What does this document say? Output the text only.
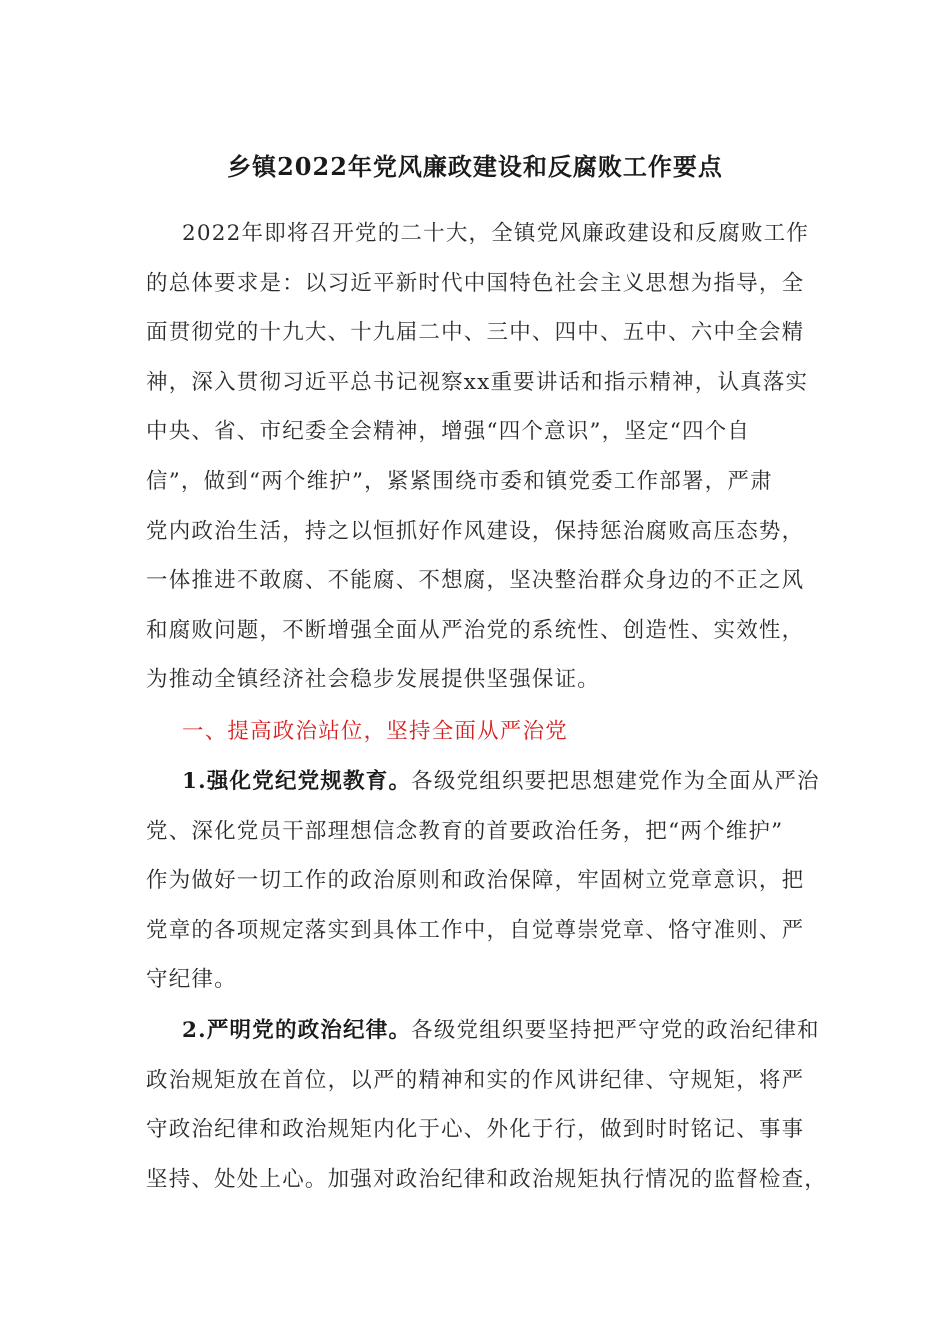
乡镇2022年党风廉政建设和反腐败工作要点
2022年即将召开党的二十大，全镇党风廉政建设和反腐败工作
的总体要求是：以习近平新时代中国特色社会主义思想为指导，全
面贯彻党的十九大、十九届二中、三中、四中、五中、六中全会精
神，深入贯彻习近平总书记视察xx重要讲话和指示精神，认真落实
中央、省、市纪委全会精神，增强“四个意识”，坚定“四个自
信”，做到“两个维护”，紧紧围绕市委和镇党委工作部署，严肃
党内政治生活，持之以恒抓好作风建设，保持惩治腐败高压态势，
一体推进不敢腐、不能腐、不想腐，坚决整治群众身边的不正之风
和腐败问题，不断增强全面从严治党的系统性、创造性、实效性，
为推动全镇经济社会稳步发展提供坚强保证。
一、提高政治站位，坚持全面从严治党
1.强化党纪党规教育。各级党组织要把思想建党作为全面从严治
党、深化党员干部理想信念教育的首要政治任务，把“两个维护”
作为做好一切工作的政治原则和政治保障，牢固树立党章意识，把
党章的各项规定落实到具体工作中，自觉尊崇党章、恪守准则、严
守纪律。
2.严明党的政治纪律。各级党组织要坚持把严守党的政治纪律和
政治规矩放在首位，以严的精神和实的作风讲纪律、守规矩，将严
守政治纪律和政治规矩内化于心、外化于行，做到时时铭记、事事
坚持、处处上心。加强对政治纪律和政治规矩执行情况的监督检查，
